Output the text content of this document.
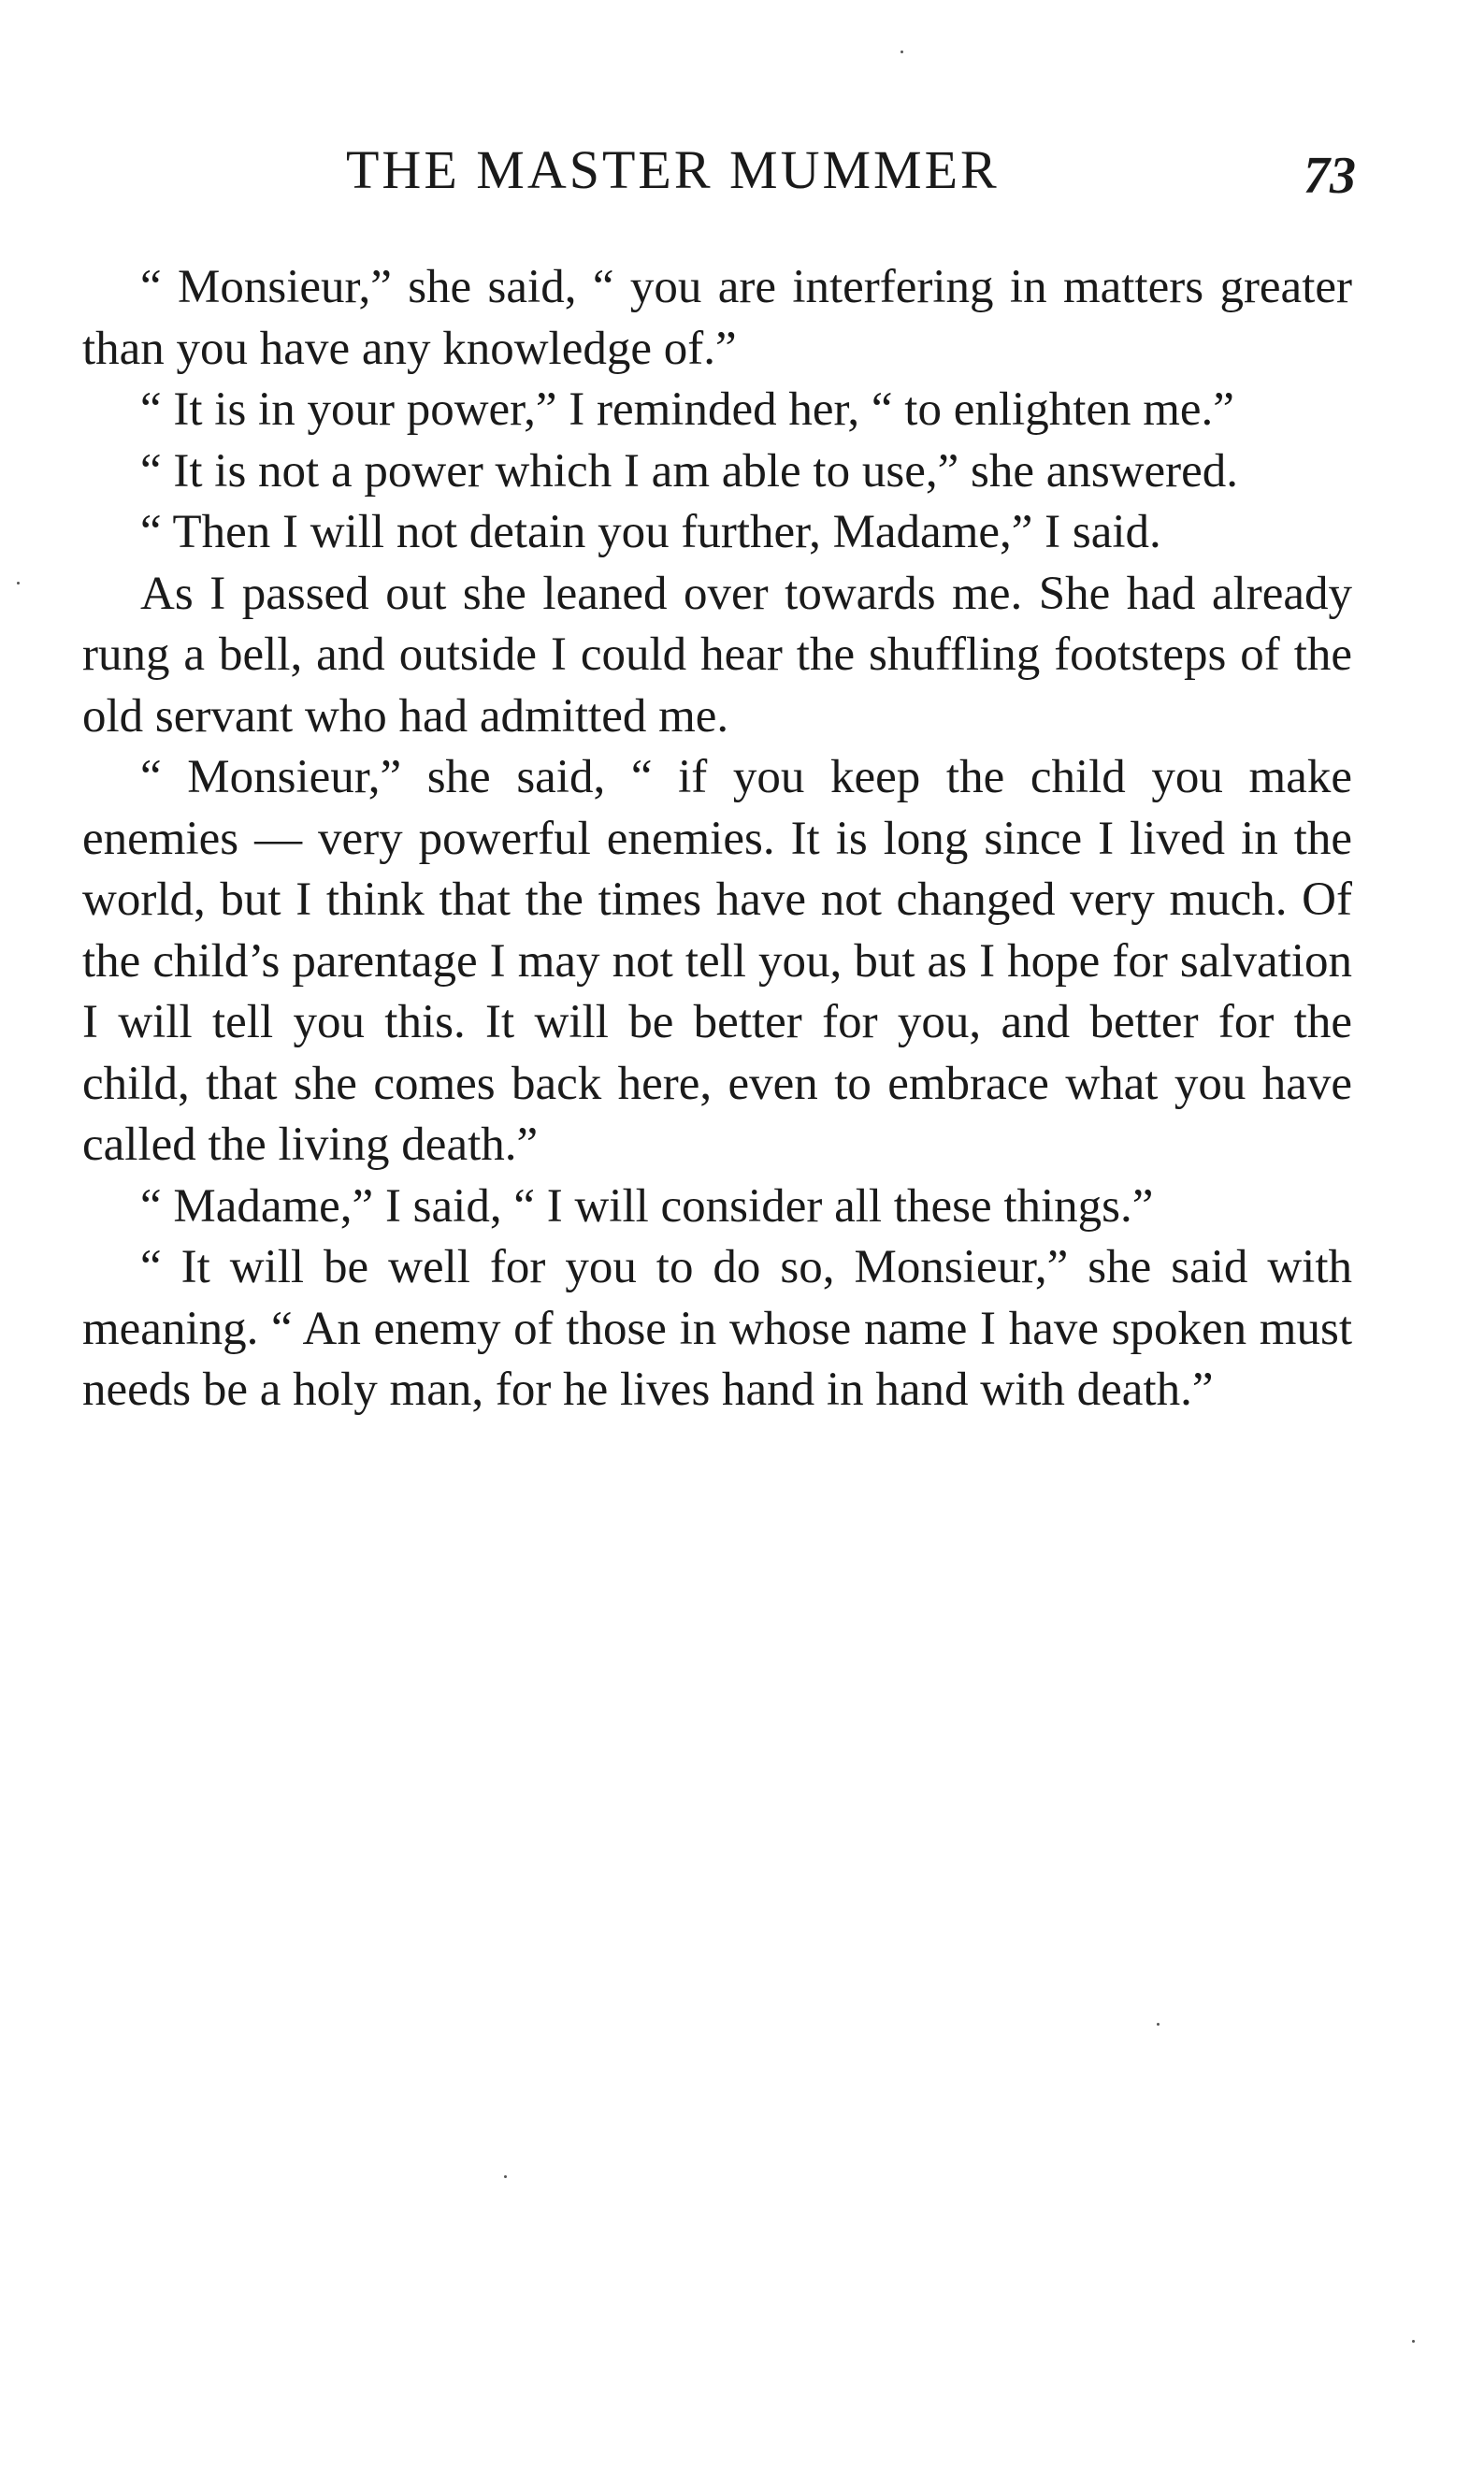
THE MASTER MUMMER	73

“ Monsieur,” she said, “ you are interfering in matters greater than you have any knowledge of.”

“ It is in your power,” I reminded her, “ to enlighten me.”

“ It is not a power which I am able to use,” she answered.

“ Then I will not detain you further, Madame,” I said.

As I passed out she leaned over towards me. She had already rung a bell, and outside I could hear the shuffling footsteps of the old servant who had admitted me.

“ Monsieur,” she said, “ if you keep the child you make enemies — very powerful enemies. It is long since I lived in the world, but I think that the times have not changed very much. Of the child’s parentage I may not tell you, but as I hope for salvation I will tell you this. It will be better for you, and better for the child, that she comes back here, even to embrace what you have called the living death.”

“ Madame,” I said, “ I will consider all these things.”

“ It will be well for you to do so, Monsieur,” she said with meaning. “ An enemy of those in whose name I have spoken must needs be a holy man, for he lives hand in hand with death.”
